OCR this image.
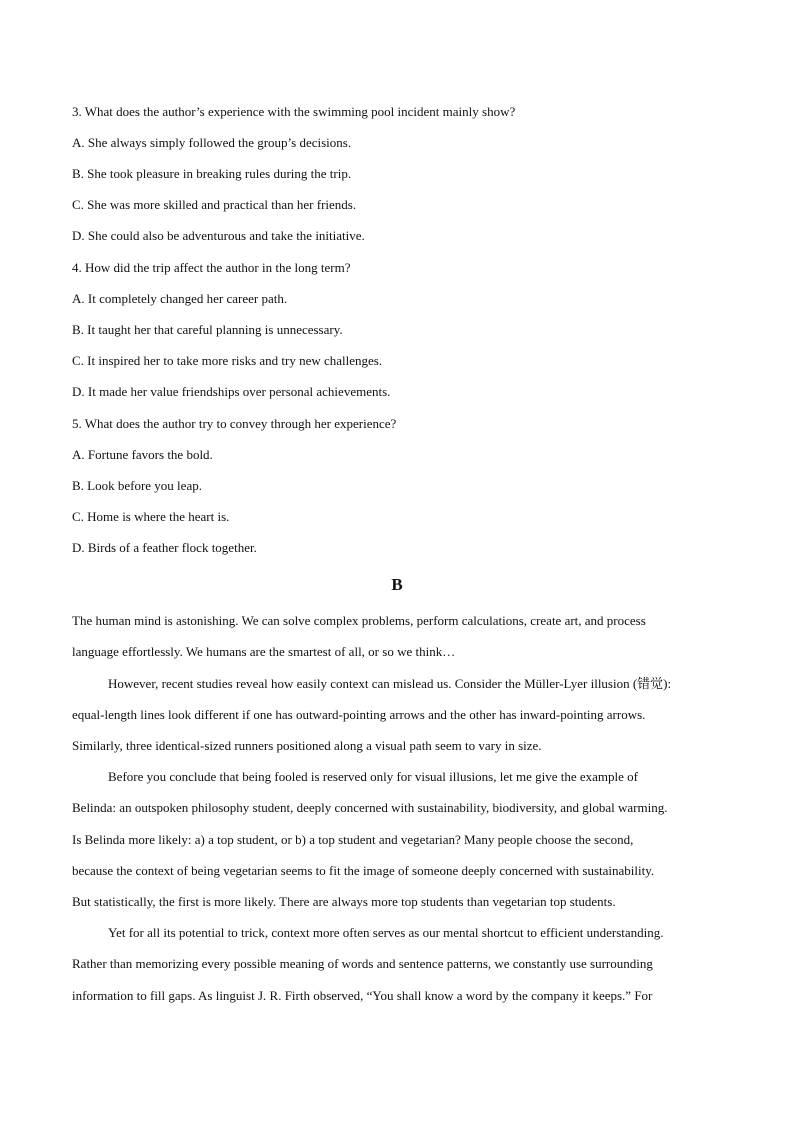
3. What does the author’s experience with the swimming pool incident mainly show?
A. She always simply followed the group’s decisions.
B. She took pleasure in breaking rules during the trip.
C. She was more skilled and practical than her friends.
D. She could also be adventurous and take the initiative.
4. How did the trip affect the author in the long term?
A. It completely changed her career path.
B. It taught her that careful planning is unnecessary.
C. It inspired her to take more risks and try new challenges.
D. It made her value friendships over personal achievements.
5. What does the author try to convey through her experience?
A. Fortune favors the bold.
B. Look before you leap.
C. Home is where the heart is.
D. Birds of a feather flock together.
B
The human mind is astonishing. We can solve complex problems, perform calculations, create art, and process
language effortlessly. We humans are the smartest of all, or so we think…
However, recent studies reveal how easily context can mislead us. Consider the Müller-Lyer illusion (错觉):
equal-length lines look different if one has outward-pointing arrows and the other has inward-pointing arrows.
Similarly, three identical-sized runners positioned along a visual path seem to vary in size.
Before you conclude that being fooled is reserved only for visual illusions, let me give the example of
Belinda: an outspoken philosophy student, deeply concerned with sustainability, biodiversity, and global warming.
Is Belinda more likely: a) a top student, or b) a top student and vegetarian? Many people choose the second,
because the context of being vegetarian seems to fit the image of someone deeply concerned with sustainability.
But statistically, the first is more likely. There are always more top students than vegetarian top students.
Yet for all its potential to trick, context more often serves as our mental shortcut to efficient understanding.
Rather than memorizing every possible meaning of words and sentence patterns, we constantly use surrounding
information to fill gaps. As linguist J. R. Firth observed, “You shall know a word by the company it keeps.” For
